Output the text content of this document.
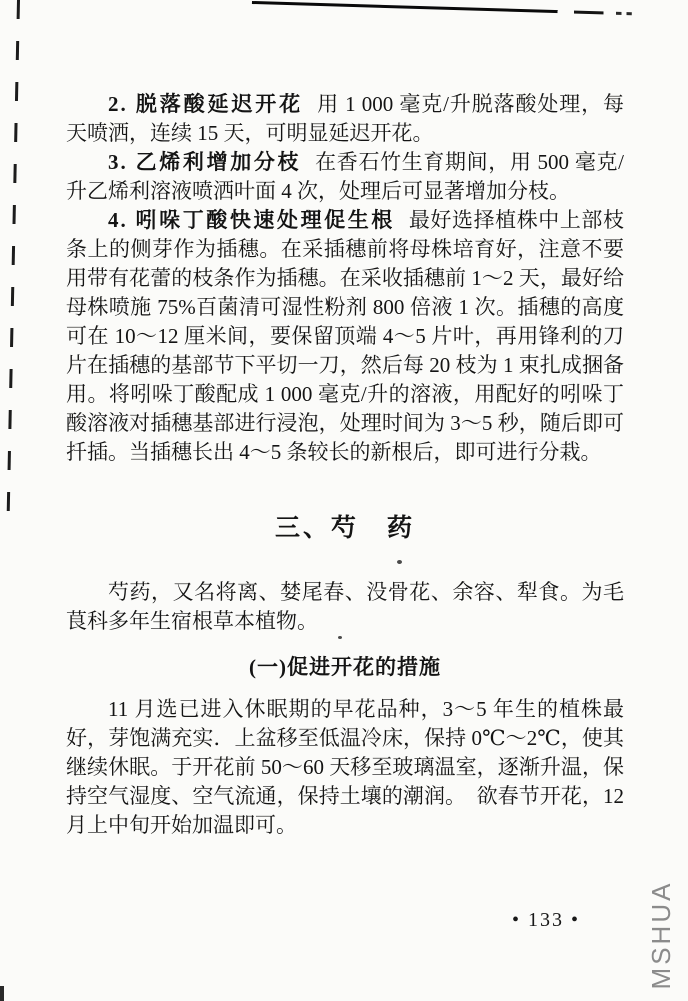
2. 脱落酸延迟开花 用 1 000 毫克/升脱落酸处理，每天喷洒，连续 15 天，可明显延迟开花。

3. 乙烯利增加分枝 在香石竹生育期间，用 500 毫克/升乙烯利溶液喷洒叶面 4 次，处理后可显著增加分枝。

4. 吲哚丁酸快速处理促生根 最好选择植株中上部枝条上的侧芽作为插穗。在采插穗前将母株培育好，注意不要用带有花蕾的枝条作为插穗。在采收插穗前 1～2 天，最好给母株喷施 75%百菌清可湿性粉剂 800 倍液 1 次。插穗的高度可在 10～12 厘米间，要保留顶端 4～5 片叶，再用锋利的刀片在插穗的基部节下平切一刀，然后每 20 枝为 1 束扎成捆备用。将吲哚丁酸配成 1 000 毫克/升的溶液，用配好的吲哚丁酸溶液对插穗基部进行浸泡，处理时间为 3～5 秒，随后即可扦插。当插穗长出 4～5 条较长的新根后，即可进行分栽。

三、芍　药

芍药，又名将离、婪尾春、没骨花、余容、犁食。为毛茛科多年生宿根草本植物。

(一)促进开花的措施

11 月选已进入休眠期的早花品种，3～5 年生的植株最好，芽饱满充实．上盆移至低温冷床，保持 0℃～2℃，使其继续休眠。于开花前 50～60 天移至玻璃温室，逐渐升温，保持空气湿度、空气流通，保持土壤的潮润。　欲春节开花，12 月上中旬开始加温即可。

• 133 •	MSHUA
